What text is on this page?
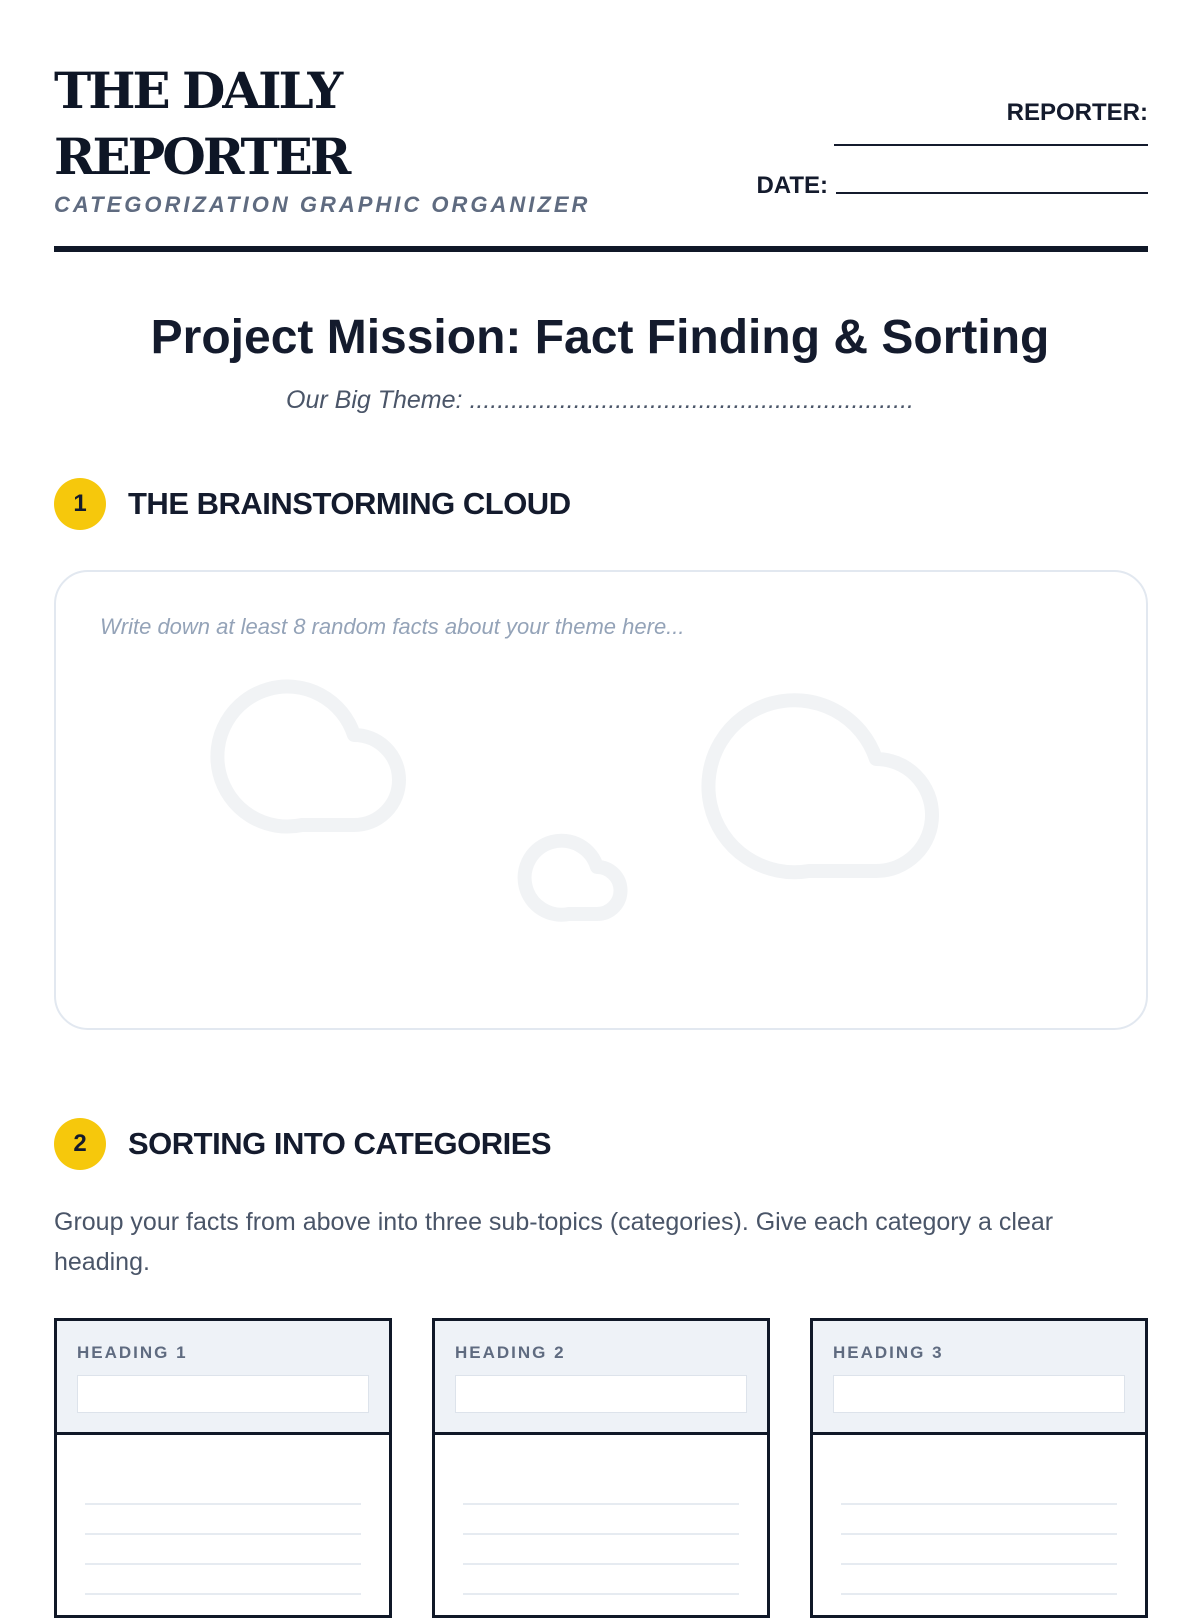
THE DAILY
REPORTER
CATEGORIZATION GRAPHIC ORGANIZER
REPORTER:
DATE:
Project Mission: Fact Finding & Sorting
Our Big Theme: ................................................................
1	THE BRAINSTORMING CLOUD
Write down at least 8 random facts about your theme here...
2	SORTING INTO CATEGORIES
Group your facts from above into three sub-topics (categories). Give each category a clear heading.
HEADING 1	HEADING 2	HEADING 3
